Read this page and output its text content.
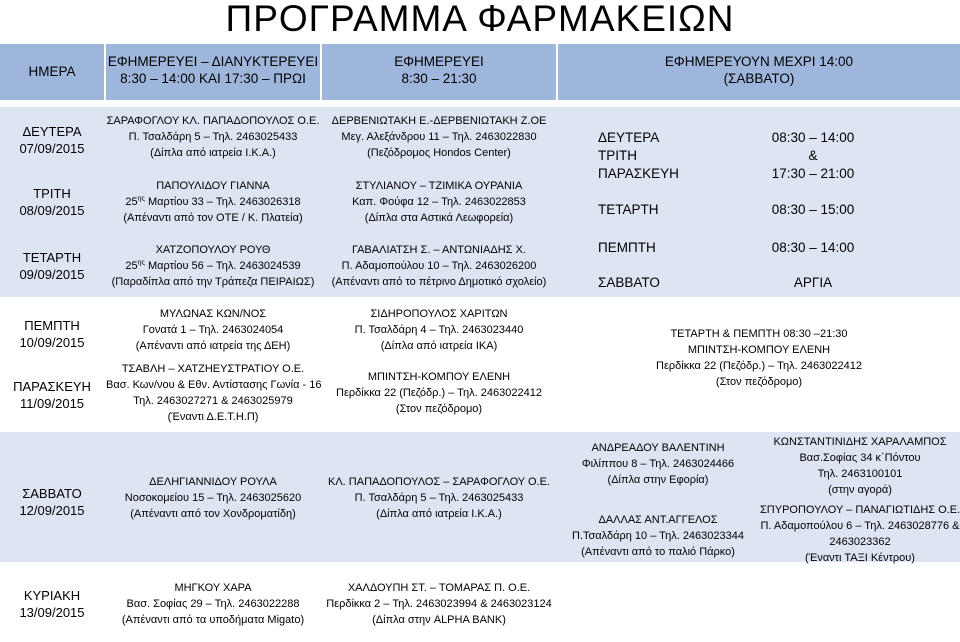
ΠΡΟΓΡΑΜΜΑ ΦΑΡΜΑΚΕΙΩΝ
ΗΜΕΡΑ
ΕΦΗΜΕΡΕΥΕΙ – ΔΙΑΝΥΚΤΕΡΕΥΕΙ
8:30 – 14:00 ΚΑΙ 17:30 – ΠΡΩΙ
ΕΦΗΜΕΡΕΥΕΙ
8:30 – 21:30
ΕΦΗΜΕΡΕΥΟΥΝ ΜΕΧΡΙ 14:00
(ΣΑΒΒΑΤΟ)
ΔΕΥΤΕΡΑ
07/09/2015
ΤΡΙΤΗ
08/09/2015
ΤΕΤΑΡΤΗ
09/09/2015
ΠΕΜΠΤΗ
10/09/2015
ΠΑΡΑΣΚΕΥΗ
11/09/2015
ΣΑΒΒΑΤΟ
12/09/2015
ΚΥΡΙΑΚΗ
13/09/2015
ΣΑΡΑΦΟΓΛΟΥ ΚΛ. ΠΑΠΑΔΟΠΟΥΛΟΣ Ο.Ε.
Π. Τσαλδάρη 5 – Τηλ. 2463025433
(Δίπλα από ιατρεία Ι.Κ.Α.)
ΠΑΠΟΥΛΙΔΟΥ ΓΙΑΝΝΑ
$25^{\eta\varsigma}$ Μαρτίου 33 – Τηλ. 2463026318
(Απέναντι από τον ΟΤΕ / Κ. Πλατεία)
ΧΑΤΖΟΠΟΥΛΟΥ ΡΟΥΘ
$25^{\eta\varsigma}$ Μαρτίου 56 – Τηλ. 2463024539
(Παραδίπλα από την Τράπεζα ΠΕΙΡΑΙΩΣ)
ΜΥΛΩΝΑΣ ΚΩΝ/ΝΟΣ
Γονατά 1 – Τηλ. 2463024054
(Απέναντι από ιατρεία της ΔΕΗ)
ΤΣΑΒΛΗ – ΧΑΤΖΗΕΥΣΤΡΑΤΙΟΥ Ο.Ε.
Βασ. Κων/νου & Εθν. Αντίστασης Γωνία - 16
Τηλ. 2463027271 & 2463025979
(Έναντι Δ.Ε.Τ.Η.Π)
ΔΕΛΗΓΙΑΝΝΙΔΟΥ ΡΟΥΛΑ
Νοσοκομείου 15 – Τηλ. 2463025620
(Απέναντι από τον Χονδροματίδη)
ΜΗΓΚΟΥ ΧΑΡΑ
Βασ. Σοφίας 29 – Τηλ. 2463022288
(Απέναντι από τα υποδήματα Migato)
ΔΕΡΒΕΝΙΩΤΑΚΗ Ε.-ΔΕΡΒΕΝΙΩΤΑΚΗ Ζ.ΟΕ
Μεγ. Αλεξάνδρου 11 – Τηλ. 2463022830
(Πεζόδρομος Hondos Center)
ΣΤΥΛΙΑΝΟΥ – ΤΖΙΜΙΚΑ ΟΥΡΑΝΙΑ
Καπ. Φούφα 12 – Τηλ. 2463022853
(Δίπλα στα Αστικά Λεωφορεία)
ΓΑΒΑΛΙΑΤΣΗ Σ. – ΑΝΤΩΝΙΑΔΗΣ Χ.
Π. Αδαμοπούλου 10 – Τηλ. 2463026200
(Απέναντι από το πέτρινο Δημοτικό σχολείο)
ΣΙΔΗΡΟΠΟΥΛΟΣ ΧΑΡΙΤΩΝ
Π. Τσαλδάρη 4 – Τηλ. 2463023440
(Δίπλα από ιατρεία ΙΚΑ)
ΜΠΙΝΤΣΗ-ΚΟΜΠΟΥ ΕΛΕΝΗ
Περδίκκα 22 (Πεζόδρ.) – Τηλ. 2463022412
(Στον πεζόδρομο)
ΚΛ. ΠΑΠΑΔΟΠΟΥΛΟΣ – ΣΑΡΑΦΟΓΛΟΥ Ο.Ε.
Π. Τσαλδάρη 5 – Τηλ. 2463025433
(Δίπλα από ιατρεία Ι.Κ.Α.)
ΧΑΛΔΟΥΠΗ ΣΤ. – ΤΟΜΑΡΑΣ Π. Ο.Ε.
Περδίκκα 2 – Τηλ. 2463023994 & 2463023124
(Δίπλα στην ALPHA BANK)
ΔΕΥΤΕΡΑ
ΤΡΙΤΗ
ΠΑΡΑΣΚΕΥΗ
ΤΕΤΑΡΤΗ
ΠΕΜΠΤΗ
ΣΑΒΒΑΤΟ
08:30 – 14:00
&
17:30 – 21:00
08:30 – 15:00
08:30 – 14:00
ΑΡΓΙΑ
ΤΕΤΑΡΤΗ & ΠΕΜΠΤΗ 08:30 –21:30
ΜΠΙΝΤΣΗ-ΚΟΜΠΟΥ ΕΛΕΝΗ
Περδίκκα 22 (Πεζόδρ.) – Τηλ. 2463022412
(Στον πεζόδρομο)
ΑΝΔΡΕΑΔΟΥ ΒΑΛΕΝΤΙΝΗ
Φιλίππου 8 – Τηλ. 2463024466
(Δίπλα στην Εφορία)
ΔΑΛΛΑΣ ΑΝΤ.ΑΓΓΕΛΟΣ
Π.Τσαλδάρη 10 – Τηλ. 2463023344
(Απέναντι από το παλιό Πάρκο)
ΚΩΝΣΤΑΝΤΙΝΙΔΗΣ ΧΑΡΑΛΑΜΠΟΣ
Βασ.Σοφίας 34 κ΄Πόντου
Τηλ. 2463100101
(στην αγορά)
ΣΠΥΡΟΠΟΥΛΟΥ – ΠΑΝΑΓΙΩΤΙΔΗΣ Ο.Ε.
Π. Αδαμοπούλου 6 – Τηλ. 2463028776 &
2463023362
(Έναντι ΤΑΞΙ Κέντρου)
